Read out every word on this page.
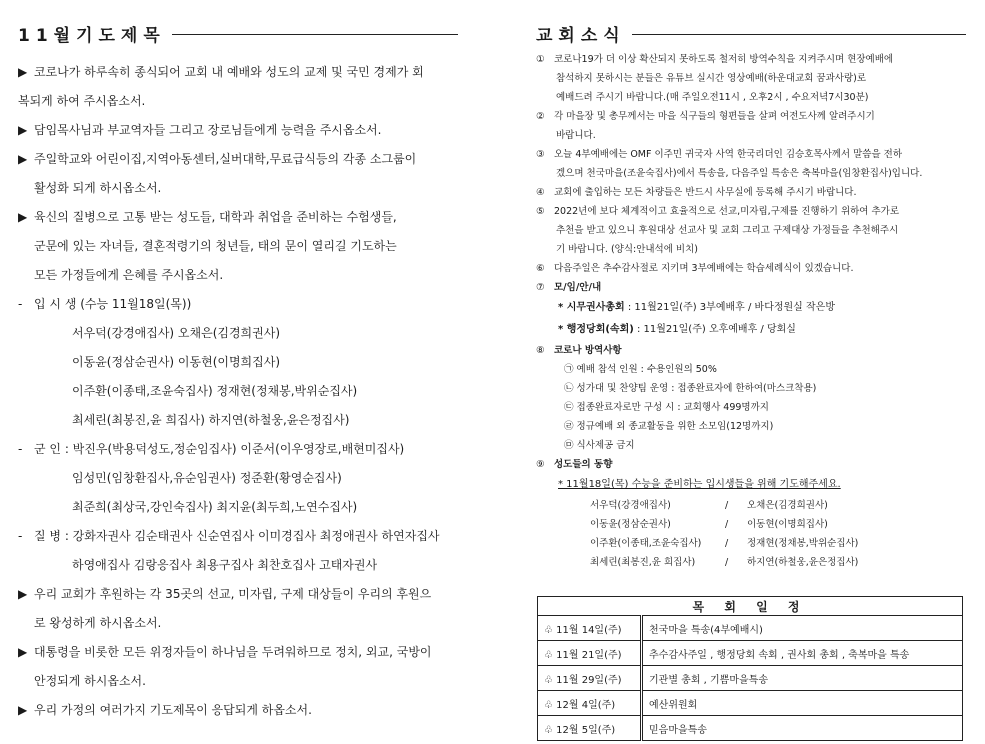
11월기도제목

▶ 코로나가 하루속히 종식되어 교회 내 예배와 성도의 교제 및 국민 경제가 회

복되게 하여 주시옵소서.

▶ 담임목사님과 부교역자들 그리고 장로님들에게 능력을 주시옵소서.

▶ 주일학교와 어린이집,지역아동센터,실버대학,무료급식등의 각종 소그룹이

활성화 되게 하시옵소서.

▶ 육신의 질병으로 고통 받는 성도들, 대학과 취업을 준비하는 수험생들,

군문에 있는 자녀들, 결혼적령기의 청년들, 태의 문이 열리길 기도하는

모든 가정들에게 은혜를 주시옵소서.

- 입 시 생 (수능 11월18일(목))

서우덕(강경애집사) 오채은(김경희권사)

이동윤(정삼순권사) 이동현(이명희집사)

이주환(이종태,조윤숙집사) 정재현(정채봉,박위순집사)

최세린(최봉진,윤 희집사) 하지연(하철웅,윤은정집사)

- 군 인 : 박진우(박용덕성도,정순임집사) 이준서(이우영장로,배현미집사)

임성민(임창환집사,유순임권사) 정준환(황영순집사)

최준희(최상국,강인숙집사) 최지윤(최두희,노연수집사)

- 질 병 : 강화자권사 김순태권사 신순연집사 이미경집사 최정애권사 하연자집사

하영애집사 김랑응집사 최용구집사 최찬호집사 고태자권사

▶ 우리 교회가 후원하는 각 35곳의 선교, 미자립, 구제 대상들이 우리의 후원으

로 왕성하게 하시옵소서.

▶ 대통령을 비롯한 모든 위정자들이 하나님을 두려워하므로 정치, 외교, 국방이

안정되게 하시옵소서.

▶ 우리 가정의 여러가지 기도제목이 응답되게 하옵소서.

교회소식

① 코로나19가 더 이상 확산되지 못하도록 철저히 방역수칙을 지켜주시며 현장예배에

참석하지 못하시는 분들은 유튜브 실시간 영상예배(하운대교회 꿈과사랑)로

예배드려 주시기 바랍니다.(매 주일오전11시 , 오후2시 , 수요저녁7시30분)

② 각 마을장 및 총무께서는 마을 식구들의 형편들을 살펴 여전도사께 알려주시기

바랍니다.

③ 오늘 4부예배에는 OMF 이주민 귀국자 사역 한국리더인 김승호목사께서 말씀을 전하

겠으며 천국마을(조윤숙집사)에서 특송을, 다음주일 특송은 축복마을(임창환집사)입니다.

④ 교회에 출입하는 모든 차량들은 반드시 사무실에 등록해 주시기 바랍니다.

⑤ 2022년에 보다 체계적이고 효율적으로 선교,미자립,구제를 진행하기 위하여 추가로

추천을 받고 있으니 후원대상 선교사 및 교회 그리고 구제대상 가정들을 추천해주시

기 바랍니다. (양식:안내석에 비치)

⑥ 다음주일은 추수감사절로 지키며 3부예배에는 학습세례식이 있겠습니다.

⑦ 모/임/안/내

* 시무권사총회 : 11월21일(주) 3부예배후 / 바다정원실 작은방

* 행정당회(속회) : 11월21일(주) 오후예배후 / 당회실

⑧ 코로나 방역사항

㉠ 예배 참석 인원 : 수용인원의 50%

㉡ 성가대 및 찬양팀 운영 : 접종완료자에 한하여(마스크착용)

㉢ 접종완료자로만 구성 시 : 교회행사 499명까지

㉣ 정규예배 외 종교활동을 위한 소모임(12명까지)

㉤ 식사제공 금지

⑨ 성도들의 동향

* 11월18일(목) 수능을 준비하는 입시생들을 위해 기도해주세요.

서우덕(강경애집사)	/ 오채은(김경희권사)

이동윤(정삼순권사)	/ 이동현(이명희집사)

이주환(이종태,조윤숙집사) / 정재현(정채봉,박위순집사)

최세린(최봉진,윤 희집사)	/ 하지연(하철웅,윤은정집사)

목 회 일 정	
♧ 11월 14일(주)	천국마을 특송(4부예배시)
♧ 11월 21일(주)	추수감사주일 , 행정당회 속회 , 권사회 총회 , 축복마을 특송
♧ 11월 29일(주)	기관별 총회 , 기쁨마을특송
♧ 12월 4일(주)	예산위원회
♧ 12월 5일(주)	믿음마을특송
